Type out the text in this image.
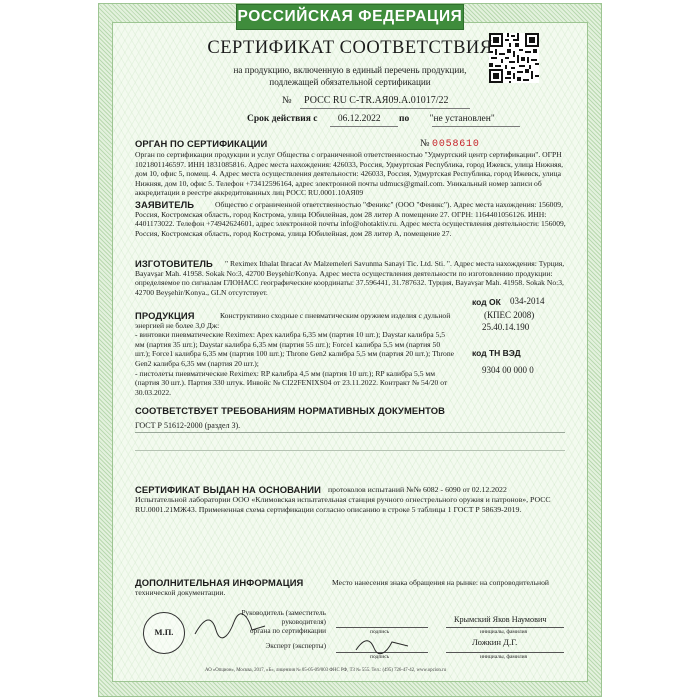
РОССИЙСКАЯ ФЕДЕРАЦИЯ
СЕРТИФИКАТ СООТВЕТСТВИЯ
на продукцию, включенную в единый перечень продукции,
подлежащей обязательной сертификации
№ РОСС RU С-TR.АЯ09.А.01017/22
Срок действия с 06.12.2022 по "не установлен"
ОРГАН ПО СЕРТИФИКАЦИИ	№ 0058610
Орган по сертификации продукции и услуг Общества с ограниченной ответственностью "Удмуртский центр сертификации". ОГРН 1021801146597. ИНН 1831085816. Адрес места нахождения: 426033, Россия, Удмуртская Республика, город Ижевск, улица Нижняя, дом 10, офис 5, помещ. 4. Адрес места осуществления деятельности: 426033, Россия, Удмуртская Республика, город Ижевск, улица Нижняя, дом 10, офис 5. Телефон +73412596164, адрес электронной почты udmucs@gmail.com. Уникальный номер записи об аккредитации в реестре аккредитованных лиц РОСС RU.0001.10АЯ09
ЗАЯВИТЕЛЬ	Общество с ограниченной ответственностью "Феникс" (ООО "Феникс"). Адрес места нахождения: 156009, Россия, Костромская область, город Кострома, улица Юбилейная, дом 28 литер А помещение 27. ОГРН: 1164401056126. ИНН: 4401173022. Телефон +74942624601, адрес электронной почты info@ohotaktiv.ru. Адрес места осуществления деятельности: 156009, Россия, Костромская область, город Кострома, улица Юбилейная, дом 28 литер А, помещение 27.
ИЗГОТОВИТЕЛЬ	" Reximex Ithalat Ihracat Av Malzemeleri Savunma Sanayi Tic. Ltd. Sti. ". Адрес места нахождения: Турция, Bayavşar Mah. 41958. Sokak No:3, 42700 Beyşehir/Konya. Адрес места осуществления деятельности по изготовлению продукции: определяемое по сигналам ГЛОНАСС географические координаты: 37.596441, 31.787632. Турция, Bayavşar Mah. 41958. Sokak No:3, 42700 Beyşehir/Konya., GLN отсутствует.
ПРОДУКЦИЯ	Конструктивно сходные с пневматическим оружием изделия с дульной энергией не более 3,0 Дж:
- винтовки пневматические Reximex: Apex калибра 6,35 мм (партия 10 шт.); Daystar калибра 5,5 мм (партия 35 шт.); Daystar калибра 6,35 мм (партия 55 шт.); Force1 калибра 5,5 мм (партия 50 шт.); Force1 калибра 6,35 мм (партия 100 шт.); Throne Gen2 калибра 5,5 мм (партия 20 шт.); Throne Gen2 калибра 6,35 мм (партия 20 шт.);
- пистолеты пневматические Reximex: RP калибра 4,5 мм (партия 10 шт.); RP калибра 5,5 мм (партия 30 шт.). Партия 330 штук. Инвойс № CI22FENIXS04 от 23.11.2022. Контракт № 54/20 от 30.03.2022.
код ОК 034-2014
(КПЕС 2008)
25.40.14.190
код ТН ВЭД
9304 00 000 0
СООТВЕТСТВУЕТ ТРЕБОВАНИЯМ НОРМАТИВНЫХ ДОКУМЕНТОВ
ГОСТ Р 51612-2000 (раздел 3).
СЕРТИФИКАТ ВЫДАН НА ОСНОВАНИИ протоколов испытаний №№ 6082 - 6090 от 02.12.2022
Испытательной лаборатории ООО «Климовская испытательная станция ручного огнестрельного оружия и патронов», РОСС RU.0001.21МЖ43. Примененная схема сертификации согласно описанию в строке 5 таблицы 1 ГОСТ Р 58639-2019.
ДОПОЛНИТЕЛЬНАЯ ИНФОРМАЦИЯ	Место нанесения знака обращения на рынке: на сопроводительной
технической документации.
Руководитель (заместитель руководителя)
органа по сертификации	подпись
Крымский Яков Наумович
инициалы, фамилия
Эксперт (эксперты)
подпись
Ложкин Д.Г.
инициалы, фамилия
М.П.
АО «Опцион», Москва, 2017, «Б», лицензия № 05-05-09/003 ФНС РФ, ТЗ № 555. Тел.: (495) 726-47-42, www.opcion.ru
